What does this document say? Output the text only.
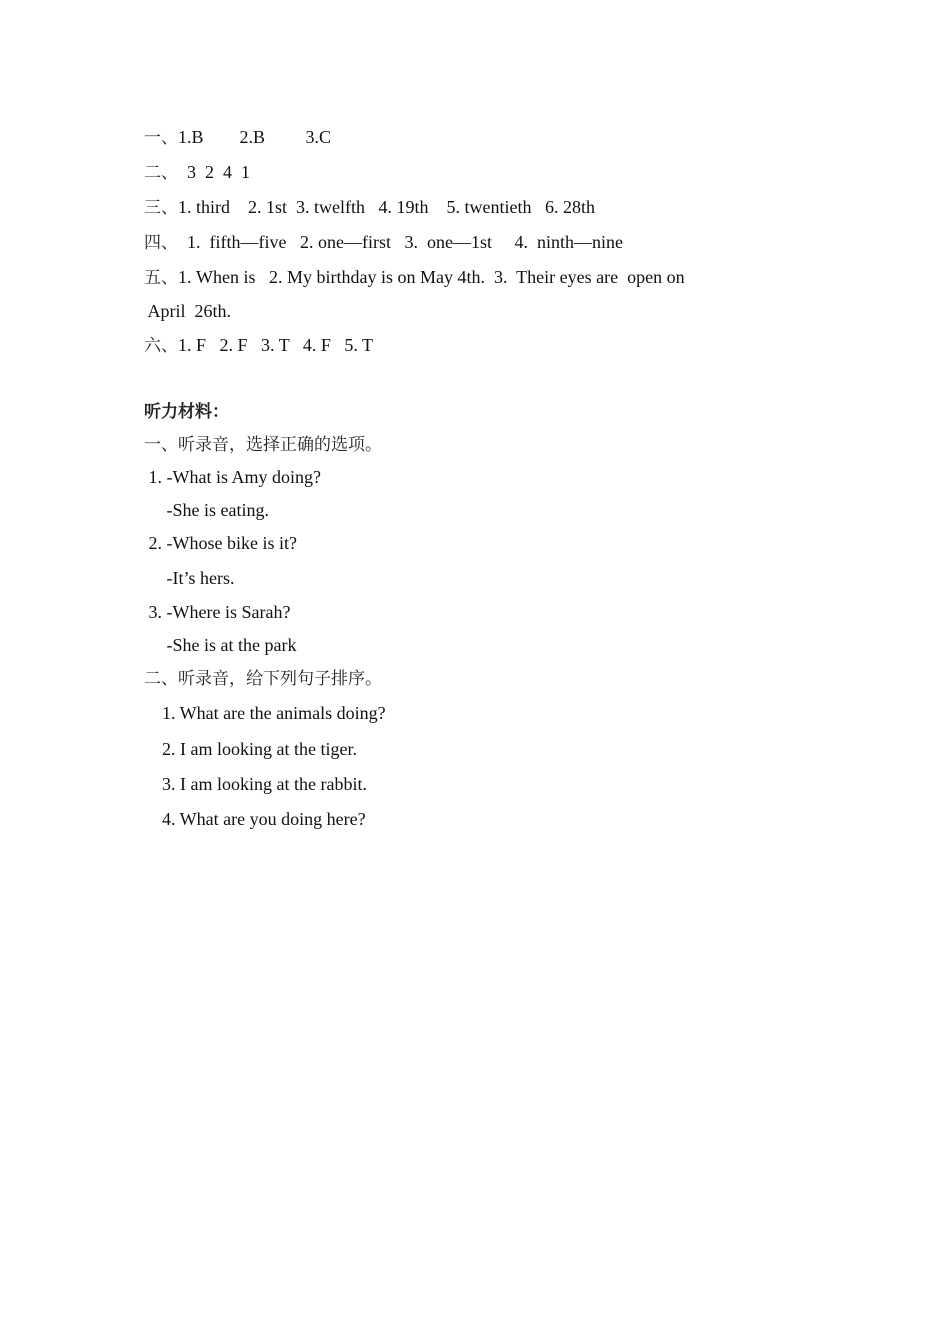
一、1.B        2.B         3.C
二、  3  2  4  1
三、1. third    2. 1st  3. twelfth   4. 19th    5. twentieth   6. 28th
四、  1.  fifth—five   2. one—first   3.  one—1st     4.  ninth—nine
五、1. When is   2. My birthday is on May 4th.  3.  Their eyes are  open on
April  26th.
六、1. F   2. F   3. T   4. F   5. T
听力材料：
一、听录音，选择正确的选项。
1. -What is Amy doing?
-She is eating.
2. -Whose bike is it?
-It’s hers.
3. -Where is Sarah?
-She is at the park
二、听录音，给下列句子排序。
1. What are the animals doing?
2. I am looking at the tiger.
3. I am looking at the rabbit.
4. What are you doing here?
